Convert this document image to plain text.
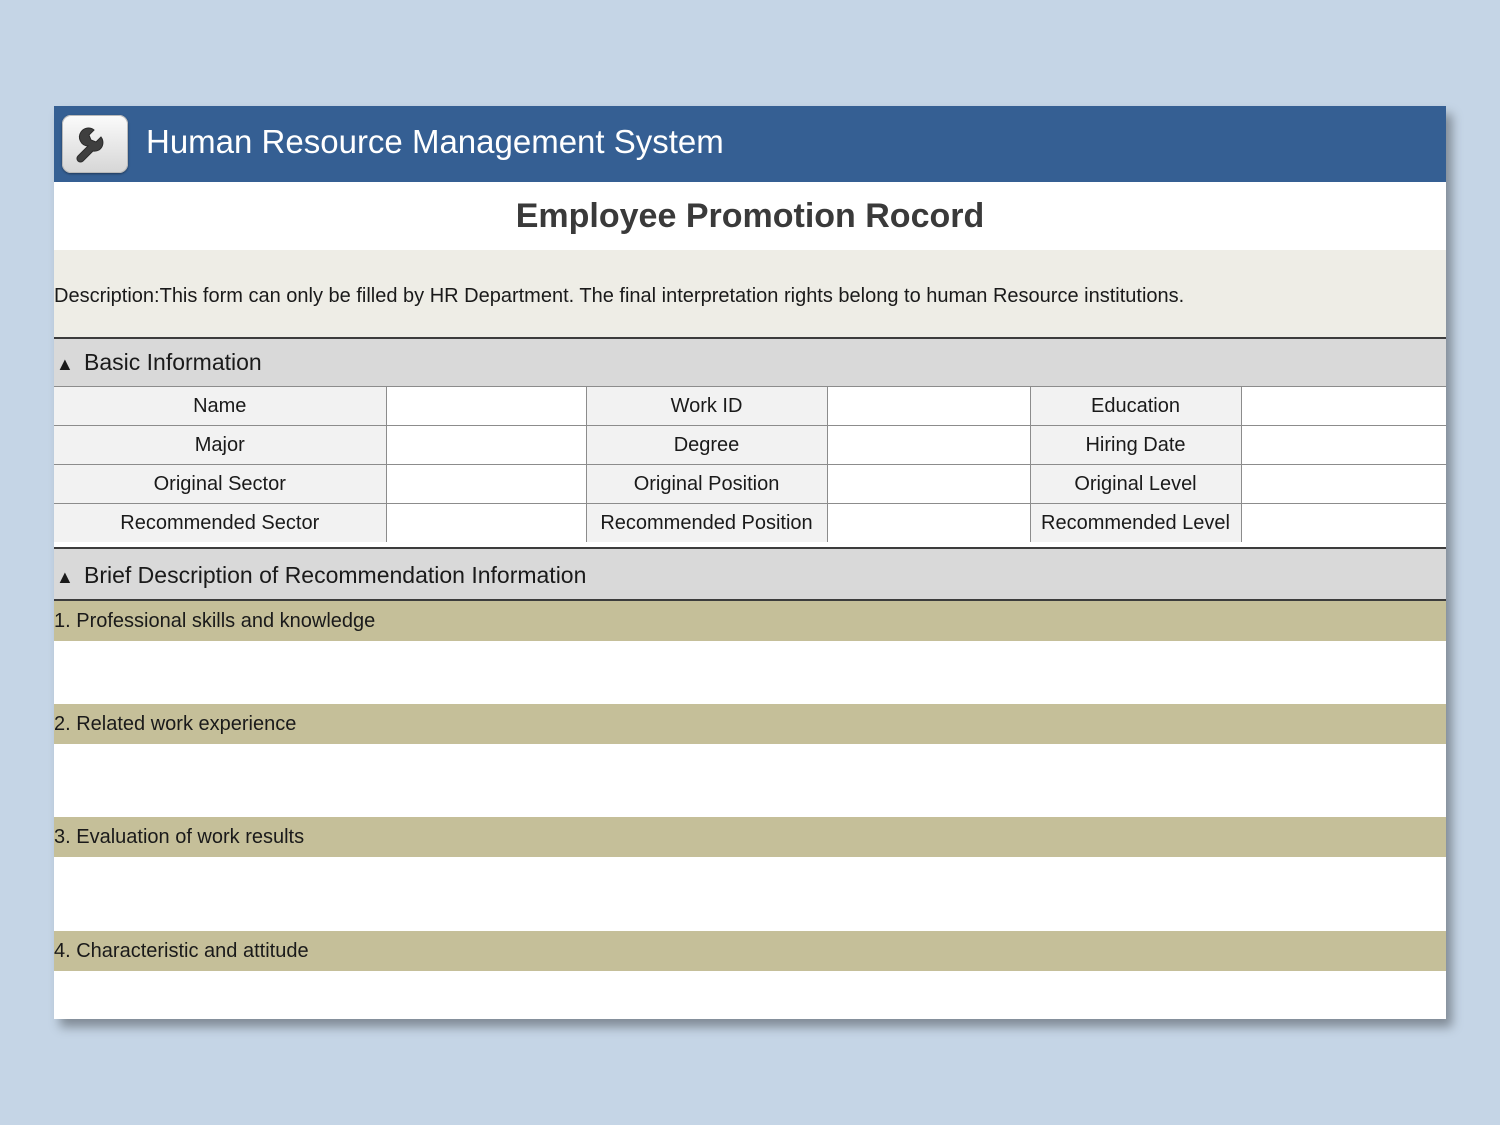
Human Resource Management System
Employee Promotion Rocord
Description:This form can only be filled by HR Department. The final interpretation rights belong to human Resource institutions.
▲ Basic Information
Name		Work ID		Education	
Major		Degree		Hiring Date	
Original Sector		Original Position		Original Level	
Recommended Sector		Recommended Position		Recommended Level	
▲ Brief Description of Recommendation Information
1. Professional skills and knowledge
2. Related work experience
3. Evaluation of work results
4. Characteristic and attitude
